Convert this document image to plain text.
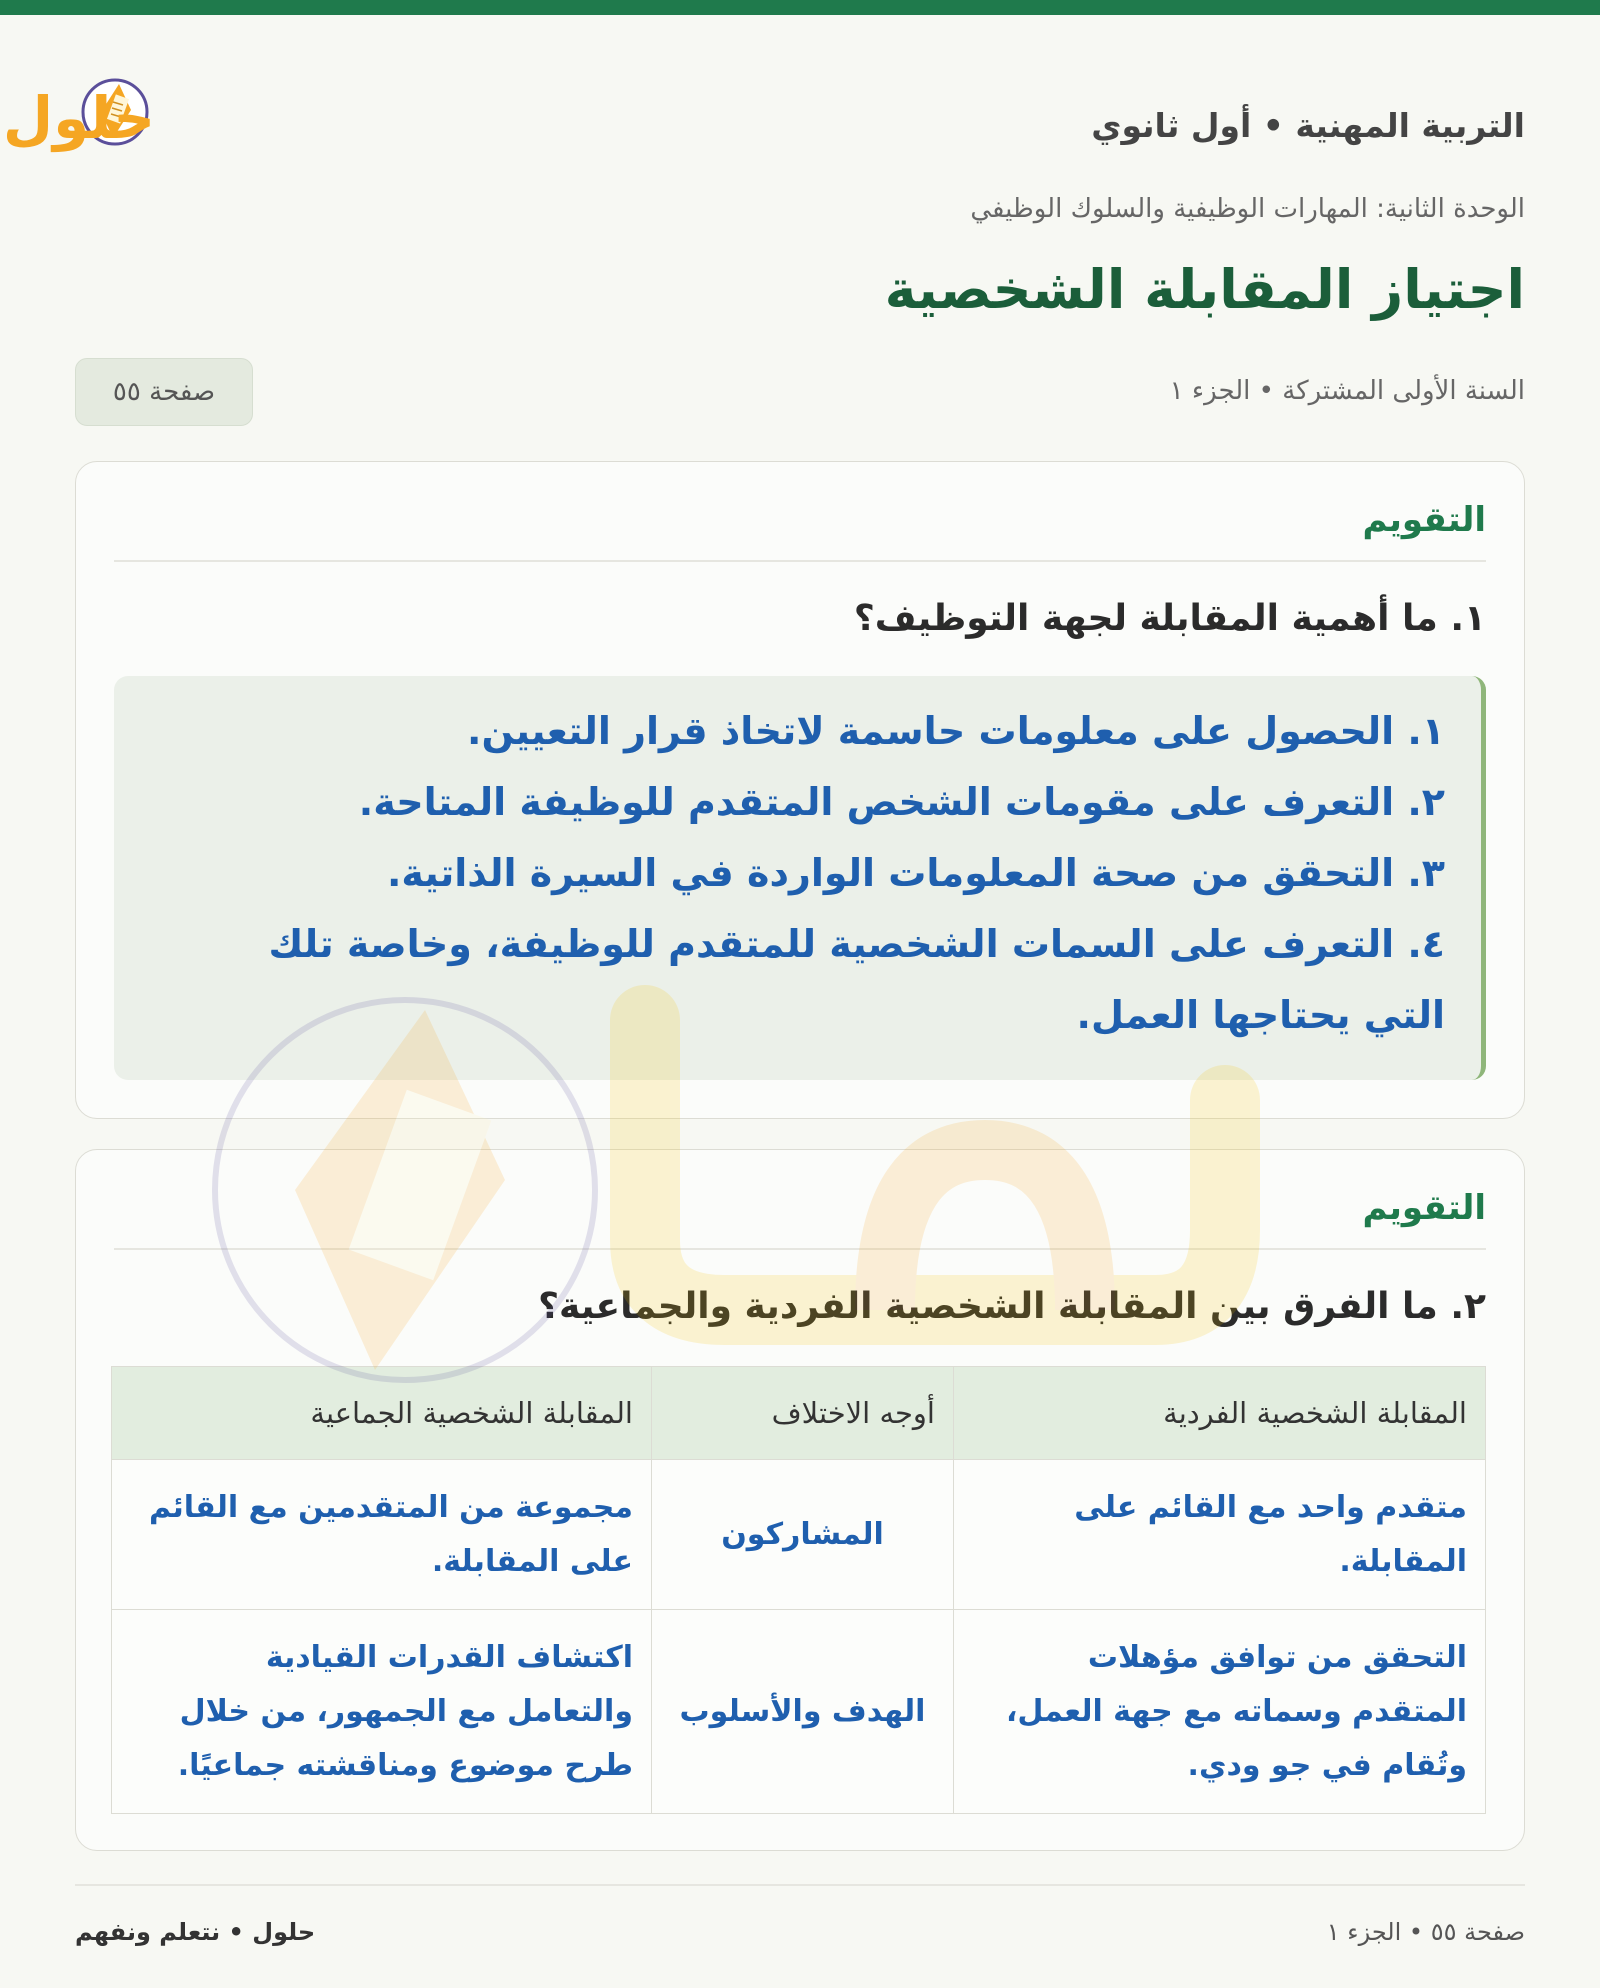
التربية المهنية • أول ثانوي
حلول
الوحدة الثانية: المهارات الوظيفية والسلوك الوظيفي
اجتياز المقابلة الشخصية
السنة الأولى المشتركة • الجزء ١
صفحة ٥٥
التقويم
١. ما أهمية المقابلة لجهة التوظيف؟

١. الحصول على معلومات حاسمة لاتخاذ قرار التعيين.

٢. التعرف على مقومات الشخص المتقدم للوظيفة المتاحة.

٣. التحقق من صحة المعلومات الواردة في السيرة الذاتية.

٤. التعرف على السمات الشخصية للمتقدم للوظيفة، وخاصة تلك

التي يحتاجها العمل.

التقويم
٢. ما الفرق بين المقابلة الشخصية الفردية والجماعية؟
المقابلة الشخصية الفردية	أوجه الاختلاف	المقابلة الشخصية الجماعية
متقدم واحد مع القائم على المقابلة.	المشاركون	مجموعة من المتقدمين مع القائم على المقابلة.
التحقق من توافق مؤهلات المتقدم وسماته مع جهة العمل، وتُقام في جو ودي.	الهدف والأسلوب	اكتشاف القدرات القيادية والتعامل مع الجمهور، من خلال طرح موضوع ومناقشته جماعيًا.
صفحة ٥٥ • الجزء ١
حلول • نتعلم ونفهم
